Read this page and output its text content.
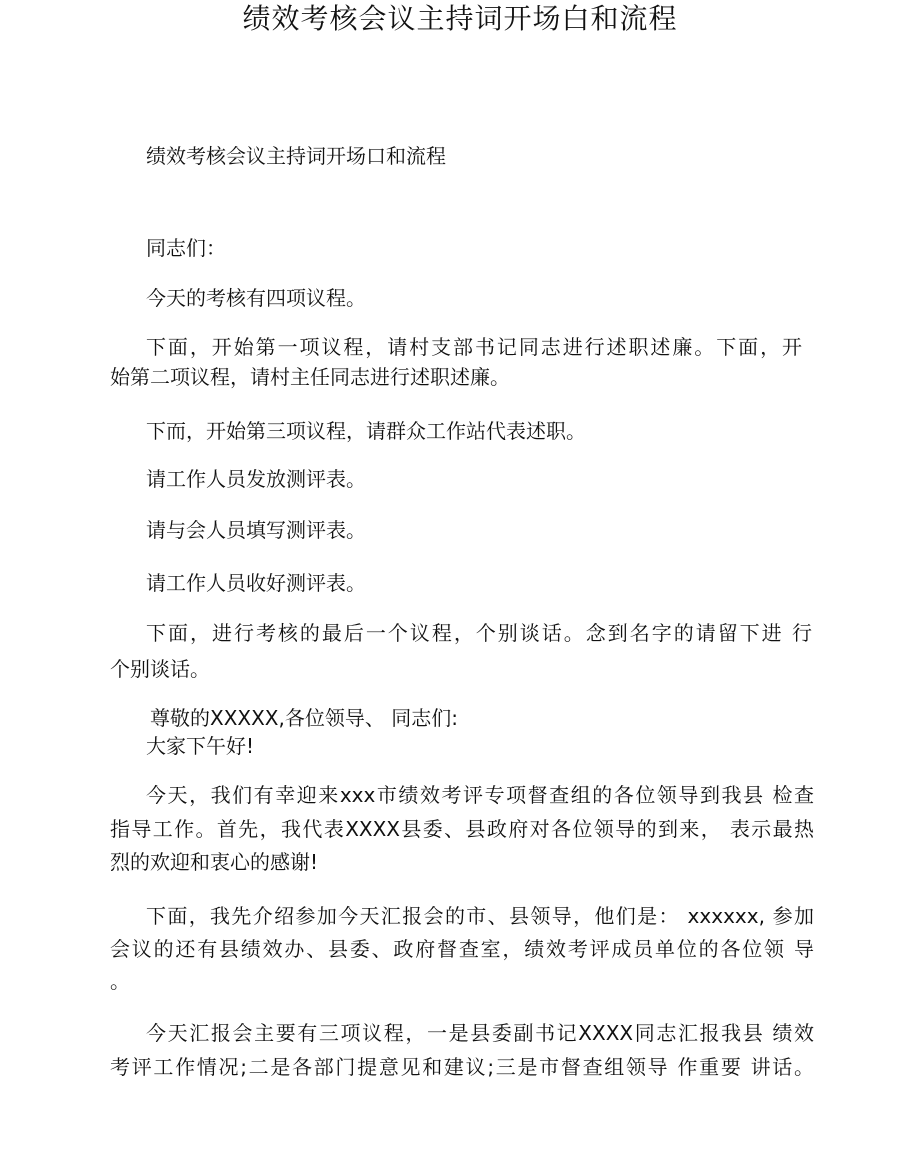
绩效考核会议主持词开场白和流程
绩效考核会议主持词开场口和流程
同志们：
今天的考核有四项议程。
下面，开始第一项议程，请村支部书记同志进行述职述廉。下面，开
始第二项议程，请村主任同志进行述职述廉。
下而，开始第三项议程，请群众工作站代表述职。
请工作人员发放测评表。
请与会人员填写测评表。
请工作人员收好测评表。
下面，进行考核的最后一个议程，个别谈话。念到名字的请留下进 行
个别谈话。
尊敬的XXXXX,各位领导、 同志们:
大家下午好!
今天，我们有幸迎来xxx市绩效考评专项督查组的各位领导到我县 检查
指导工作。首先，我代表XXXX县委、县政府对各位领导的到来， 表示最热
烈的欢迎和衷心的感谢!
下面，我先介绍参加今天汇报会的市、县领导，他们是： xxxxxx, 参加
会议的还有县绩效办、县委、政府督查室，绩效考评成员单位的各位领 导
。
今天汇报会主要有三项议程，一是县委副书记XXXX同志汇报我县 绩效
考评工作情况;二是各部门提意见和建议;三是市督查组领导 作重要 讲话。
